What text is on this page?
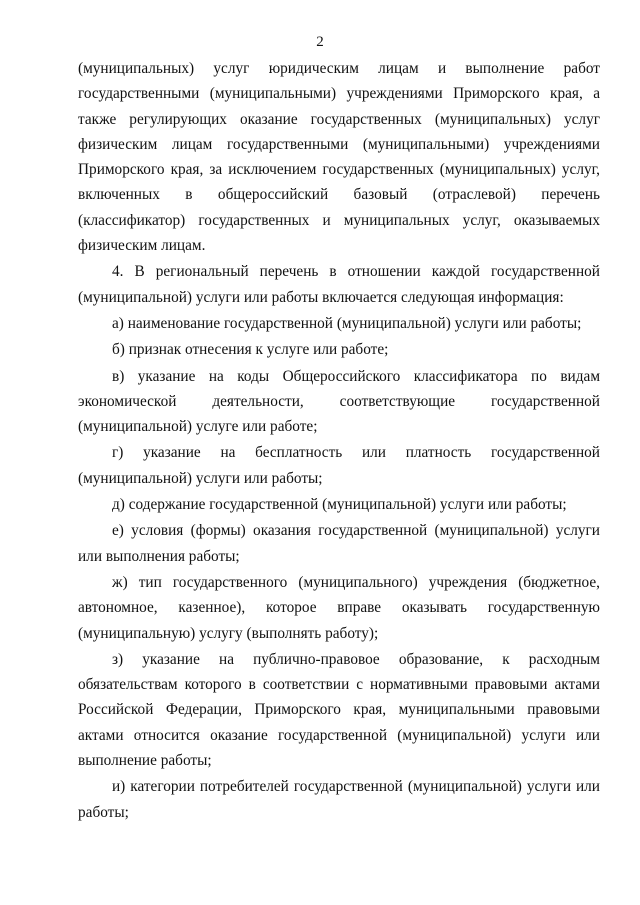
2

(муниципальных) услуг юридическим лицам и выполнение работ государственными (муниципальными) учреждениями Приморского края, а также регулирующих оказание государственных (муниципальных) услуг физическим лицам государственными (муниципальными) учреждениями Приморского края, за исключением государственных (муниципальных) услуг, включенных в общероссийский базовый (отраслевой) перечень (классификатор) государственных и муниципальных услуг, оказываемых физическим лицам.

4. В региональный перечень в отношении каждой государственной (муниципальной) услуги или работы включается следующая информация:

а) наименование государственной (муниципальной) услуги или работы;

б) признак отнесения к услуге или работе;

в) указание на коды Общероссийского классификатора по видам экономической деятельности, соответствующие государственной (муниципальной) услуге или работе;

г) указание на бесплатность или платность государственной (муниципальной) услуги или работы;

д) содержание государственной (муниципальной) услуги или работы;

е) условия (формы) оказания государственной (муниципальной) услуги или выполнения работы;

ж) тип государственного (муниципального) учреждения (бюджетное, автономное, казенное), которое вправе оказывать государственную (муниципальную) услугу (выполнять работу);

з) указание на публично-правовое образование, к расходным обязательствам которого в соответствии с нормативными правовыми актами Российской Федерации, Приморского края, муниципальными правовыми актами относится оказание государственной (муниципальной) услуги или выполнение работы;

и) категории потребителей государственной (муниципальной) услуги или работы;
